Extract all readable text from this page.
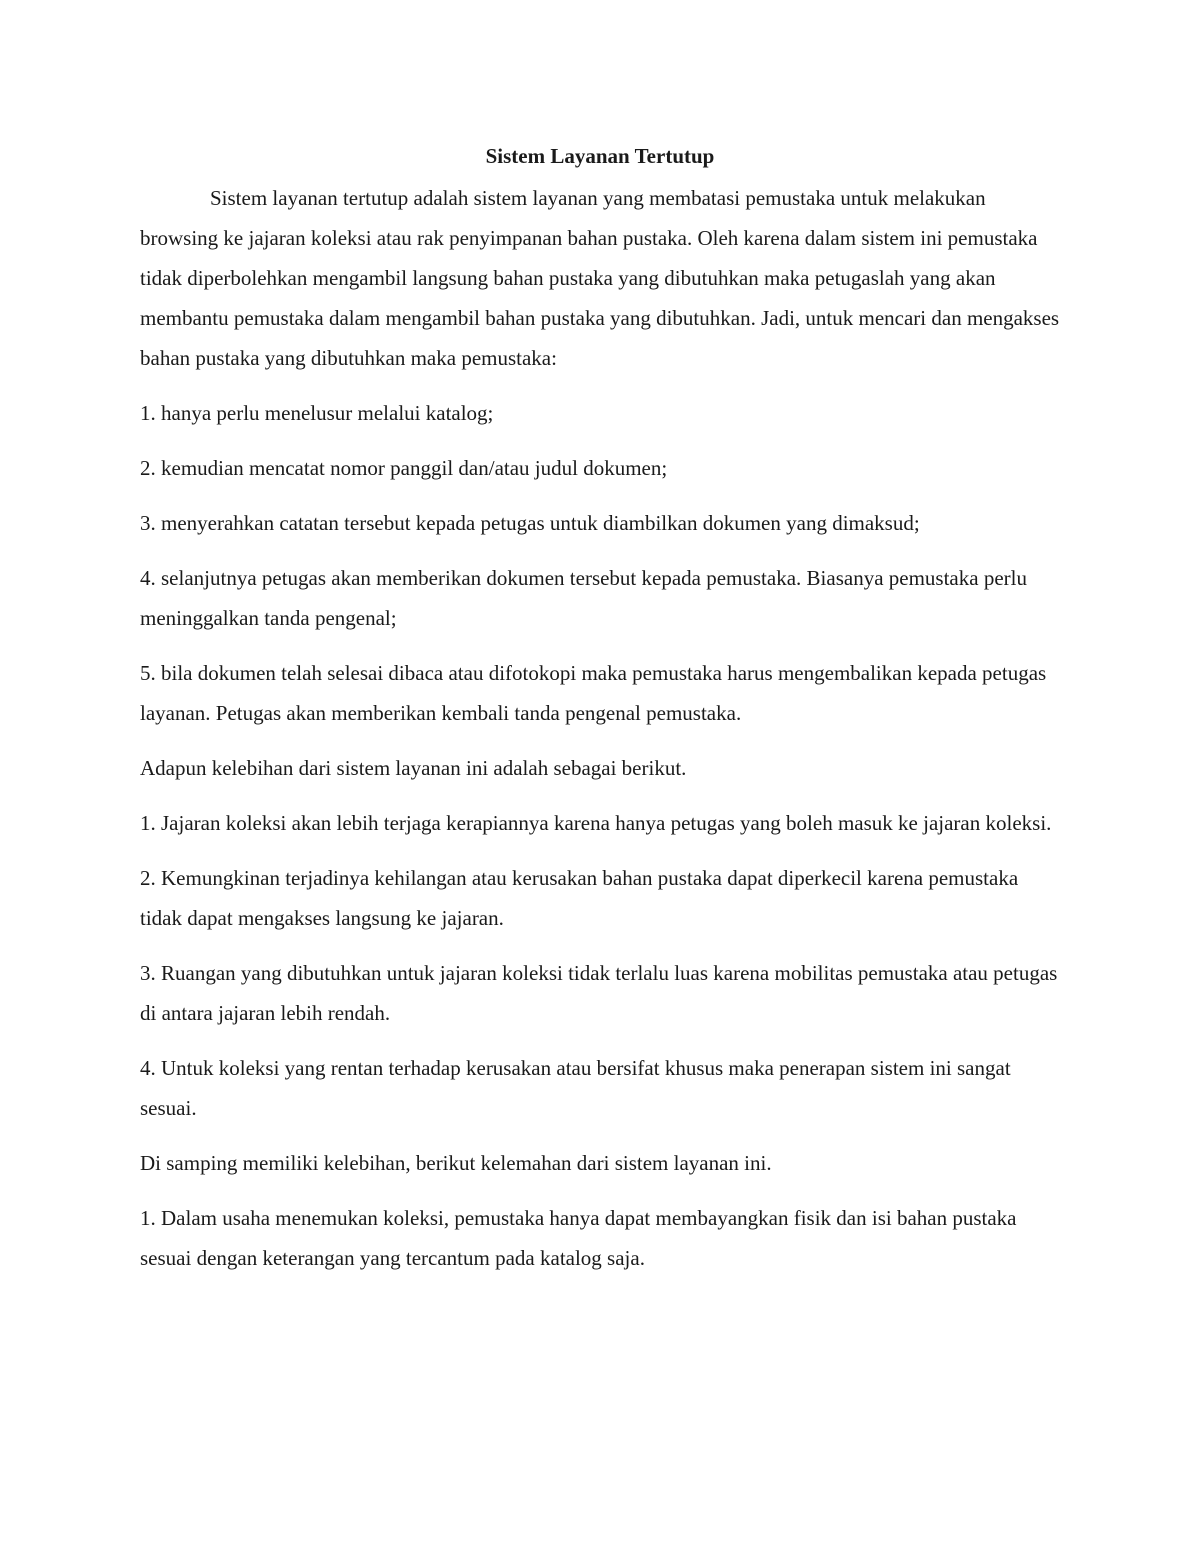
Sistem Layanan Tertutup

Sistem layanan tertutup adalah sistem layanan yang membatasi pemustaka untuk melakukan browsing ke jajaran koleksi atau rak penyimpanan bahan pustaka. Oleh karena dalam sistem ini pemustaka tidak diperbolehkan mengambil langsung bahan pustaka yang dibutuhkan maka petugaslah yang akan membantu pemustaka dalam mengambil bahan pustaka yang dibutuhkan. Jadi, untuk mencari dan mengakses bahan pustaka yang dibutuhkan maka pemustaka:

1. hanya perlu menelusur melalui katalog;

2. kemudian mencatat nomor panggil dan/atau judul dokumen;

3. menyerahkan catatan tersebut kepada petugas untuk diambilkan dokumen yang dimaksud;

4. selanjutnya petugas akan memberikan dokumen tersebut kepada pemustaka. Biasanya pemustaka perlu meninggalkan tanda pengenal;

5. bila dokumen telah selesai dibaca atau difotokopi maka pemustaka harus mengembalikan kepada petugas layanan. Petugas akan memberikan kembali tanda pengenal pemustaka.

Adapun kelebihan dari sistem layanan ini adalah sebagai berikut.

1. Jajaran koleksi akan lebih terjaga kerapiannya karena hanya petugas yang boleh masuk ke jajaran koleksi.

2. Kemungkinan terjadinya kehilangan atau kerusakan bahan pustaka dapat diperkecil karena pemustaka tidak dapat mengakses langsung ke jajaran.

3. Ruangan yang dibutuhkan untuk jajaran koleksi tidak terlalu luas karena mobilitas pemustaka atau petugas di antara jajaran lebih rendah.

4. Untuk koleksi yang rentan terhadap kerusakan atau bersifat khusus maka penerapan sistem ini sangat sesuai.

Di samping memiliki kelebihan, berikut kelemahan dari sistem layanan ini.

1. Dalam usaha menemukan koleksi, pemustaka hanya dapat membayangkan fisik dan isi bahan pustaka sesuai dengan keterangan yang tercantum pada katalog saja.
